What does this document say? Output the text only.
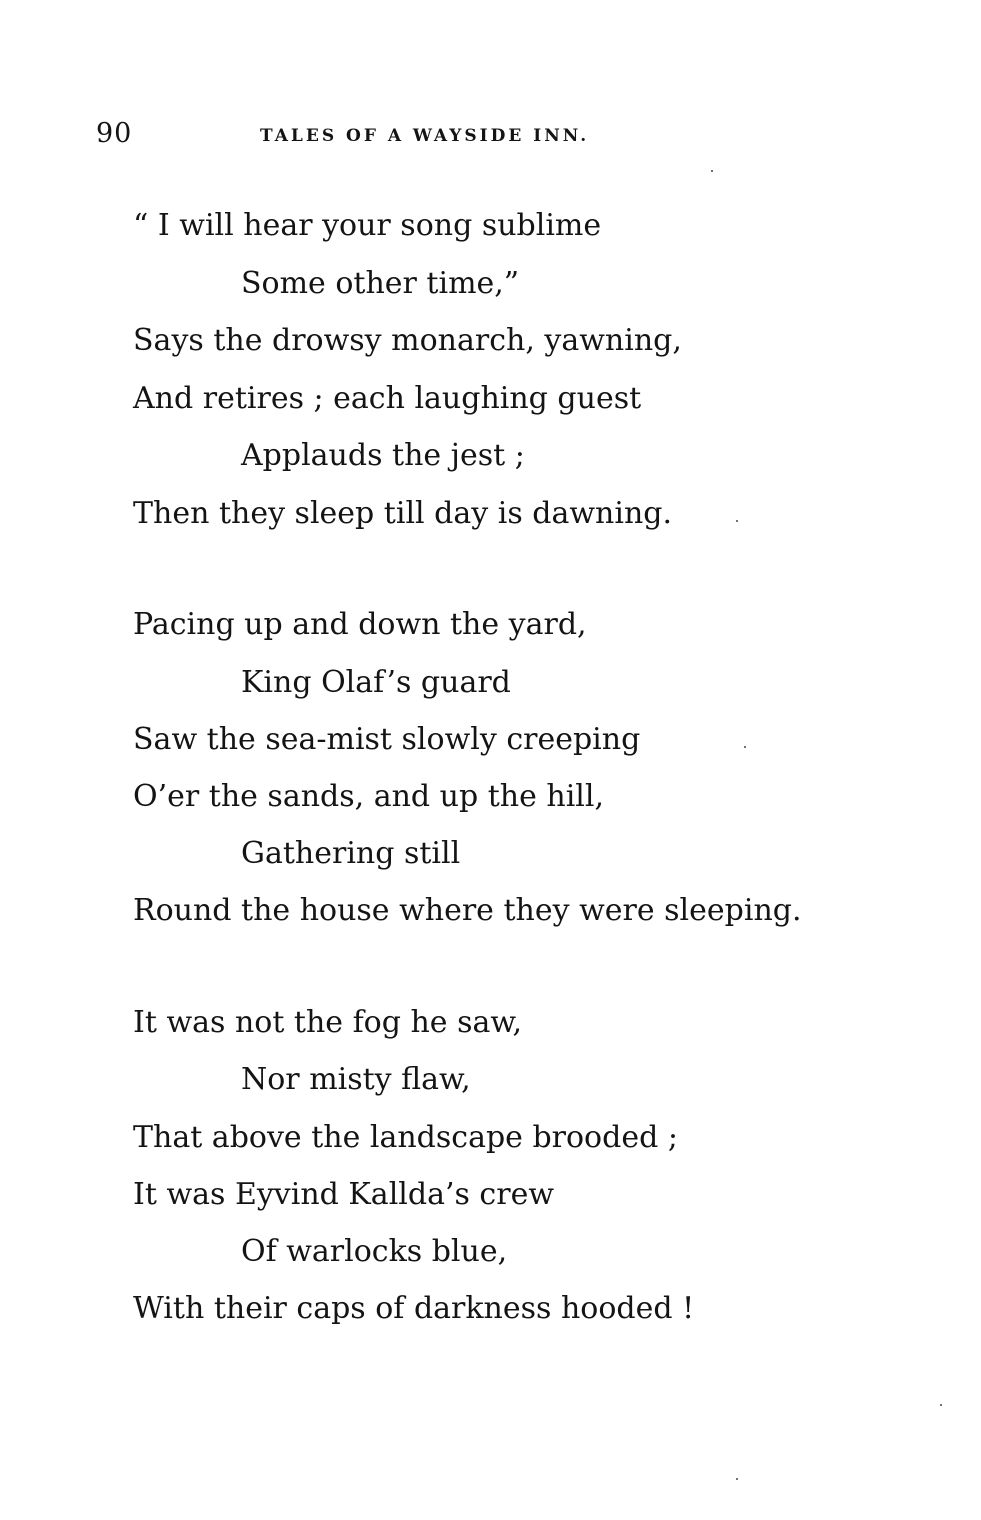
90	TALES OF A WAYSIDE INN.
“ I will hear your song sublime
Some other time,”
Says the drowsy monarch, yawning,
And retires ; each laughing guest
Applauds the jest ;
Then they sleep till day is dawning.
Pacing up and down the yard,
King Olaf’s guard
Saw the sea-mist slowly creeping
O’er the sands, and up the hill,
Gathering still
Round the house where they were sleeping.
It was not the fog he saw,
Nor misty flaw,
That above the landscape brooded ;
It was Eyvind Kallda’s crew
Of warlocks blue,
With their caps of darkness hooded !
